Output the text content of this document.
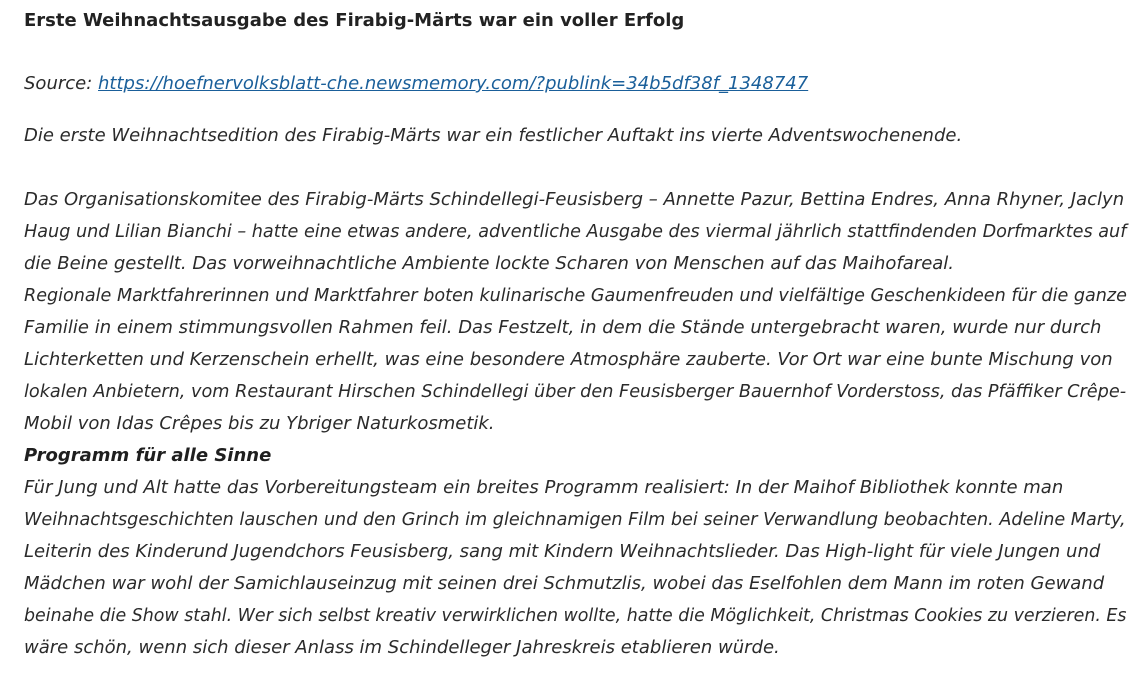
Erste Weihnachtsausgabe des Firabig-Märts war ein voller Erfolg

Source: https://hoefnervolksblatt-che.newsmemory.com/?publink=34b5df38f_1348747

Die erste Weihnachtsedition des Firabig-Märts war ein festlicher Auftakt ins vierte Adventswochenende.

Das Organisationskomitee des Firabig-Märts Schindellegi-Feusisberg – Annette Pazur, Bettina Endres, Anna Rhyner, Jaclyn
Haug und Lilian Bianchi – hatte eine etwas andere, adventliche Ausgabe des viermal jährlich stattfindenden Dorfmarktes auf
die Beine gestellt. Das vorweihnachtliche Ambiente lockte Scharen von Menschen auf das Maihofareal.
Regionale Marktfahrerinnen und Marktfahrer boten kulinarische Gaumenfreuden und vielfältige Geschenkideen für die ganze
Familie in einem stimmungsvollen Rahmen feil. Das Festzelt, in dem die Stände untergebracht waren, wurde nur durch
Lichterketten und Kerzenschein erhellt, was eine besondere Atmosphäre zauberte. Vor Ort war eine bunte Mischung von
lokalen Anbietern, vom Restaurant Hirschen Schindellegi über den Feusisberger Bauernhof Vorderstoss, das Pfäffiker Crêpe-
Mobil von Idas Crêpes bis zu Ybriger Naturkosmetik.
Programm für alle Sinne
Für Jung und Alt hatte das Vorbereitungsteam ein breites Programm realisiert: In der Maihof Bibliothek konnte man
Weihnachtsgeschichten lauschen und den Grinch im gleichnamigen Film bei seiner Verwandlung beobachten. Adeline Marty,
Leiterin des Kinderund Jugendchors Feusisberg, sang mit Kindern Weihnachtslieder. Das High-light für viele Jungen und
Mädchen war wohl der Samichlauseinzug mit seinen drei Schmutzlis, wobei das Eselfohlen dem Mann im roten Gewand
beinahe die Show stahl. Wer sich selbst kreativ verwirklichen wollte, hatte die Möglichkeit, Christmas Cookies zu verzieren. Es
wäre schön, wenn sich dieser Anlass im Schindelleger Jahreskreis etablieren würde.
